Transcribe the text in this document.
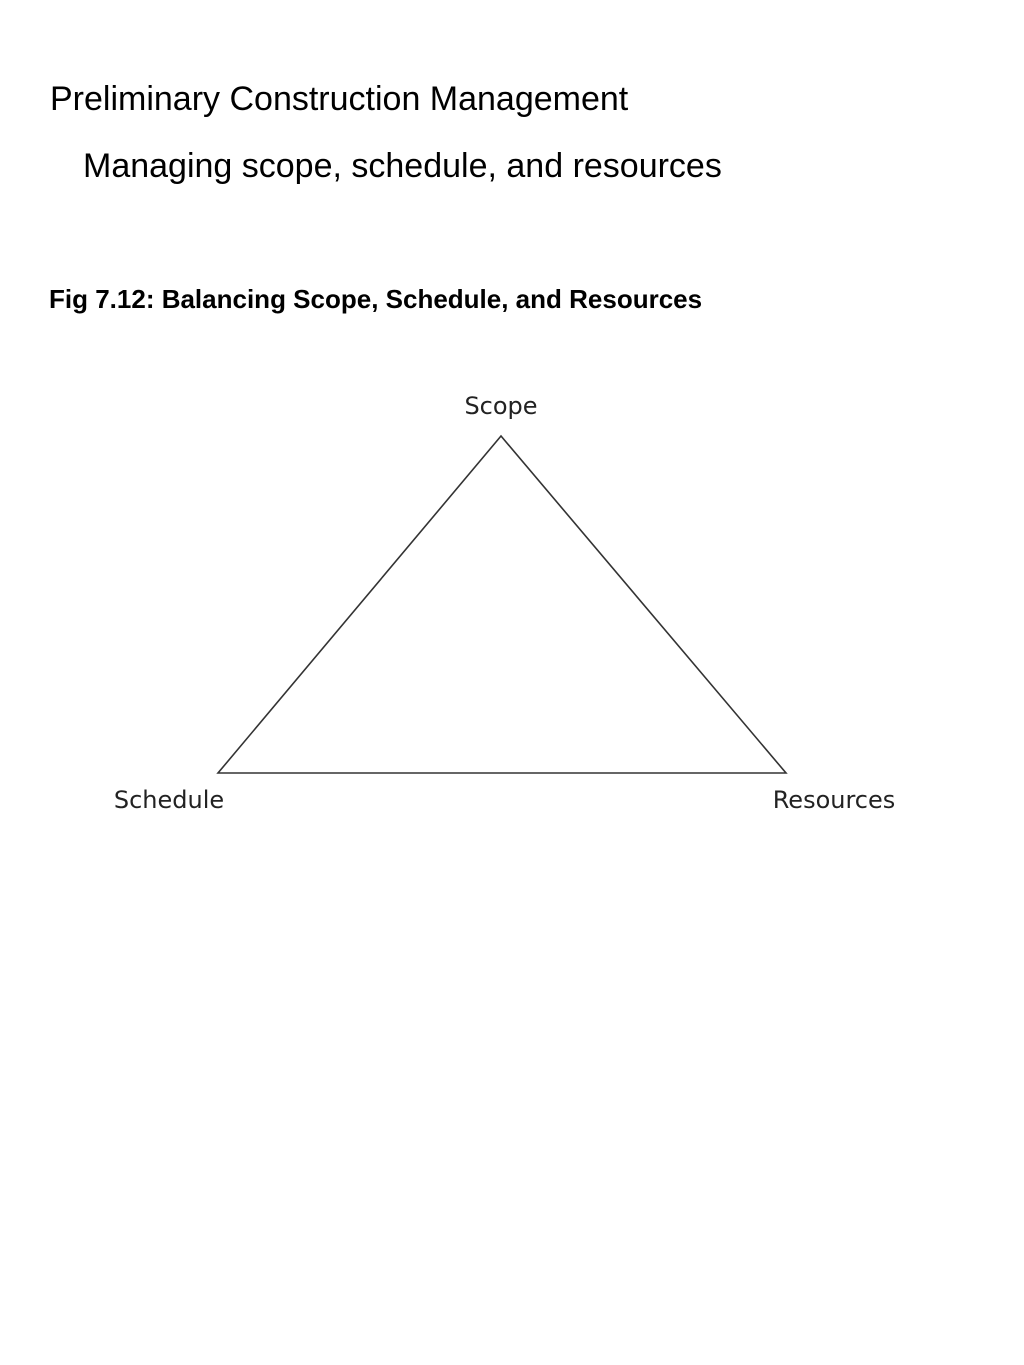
Preliminary Construction Management
Managing scope, schedule, and resources
Fig 7.12: Balancing Scope, Schedule, and Resources
Scope
Schedule	Resources
